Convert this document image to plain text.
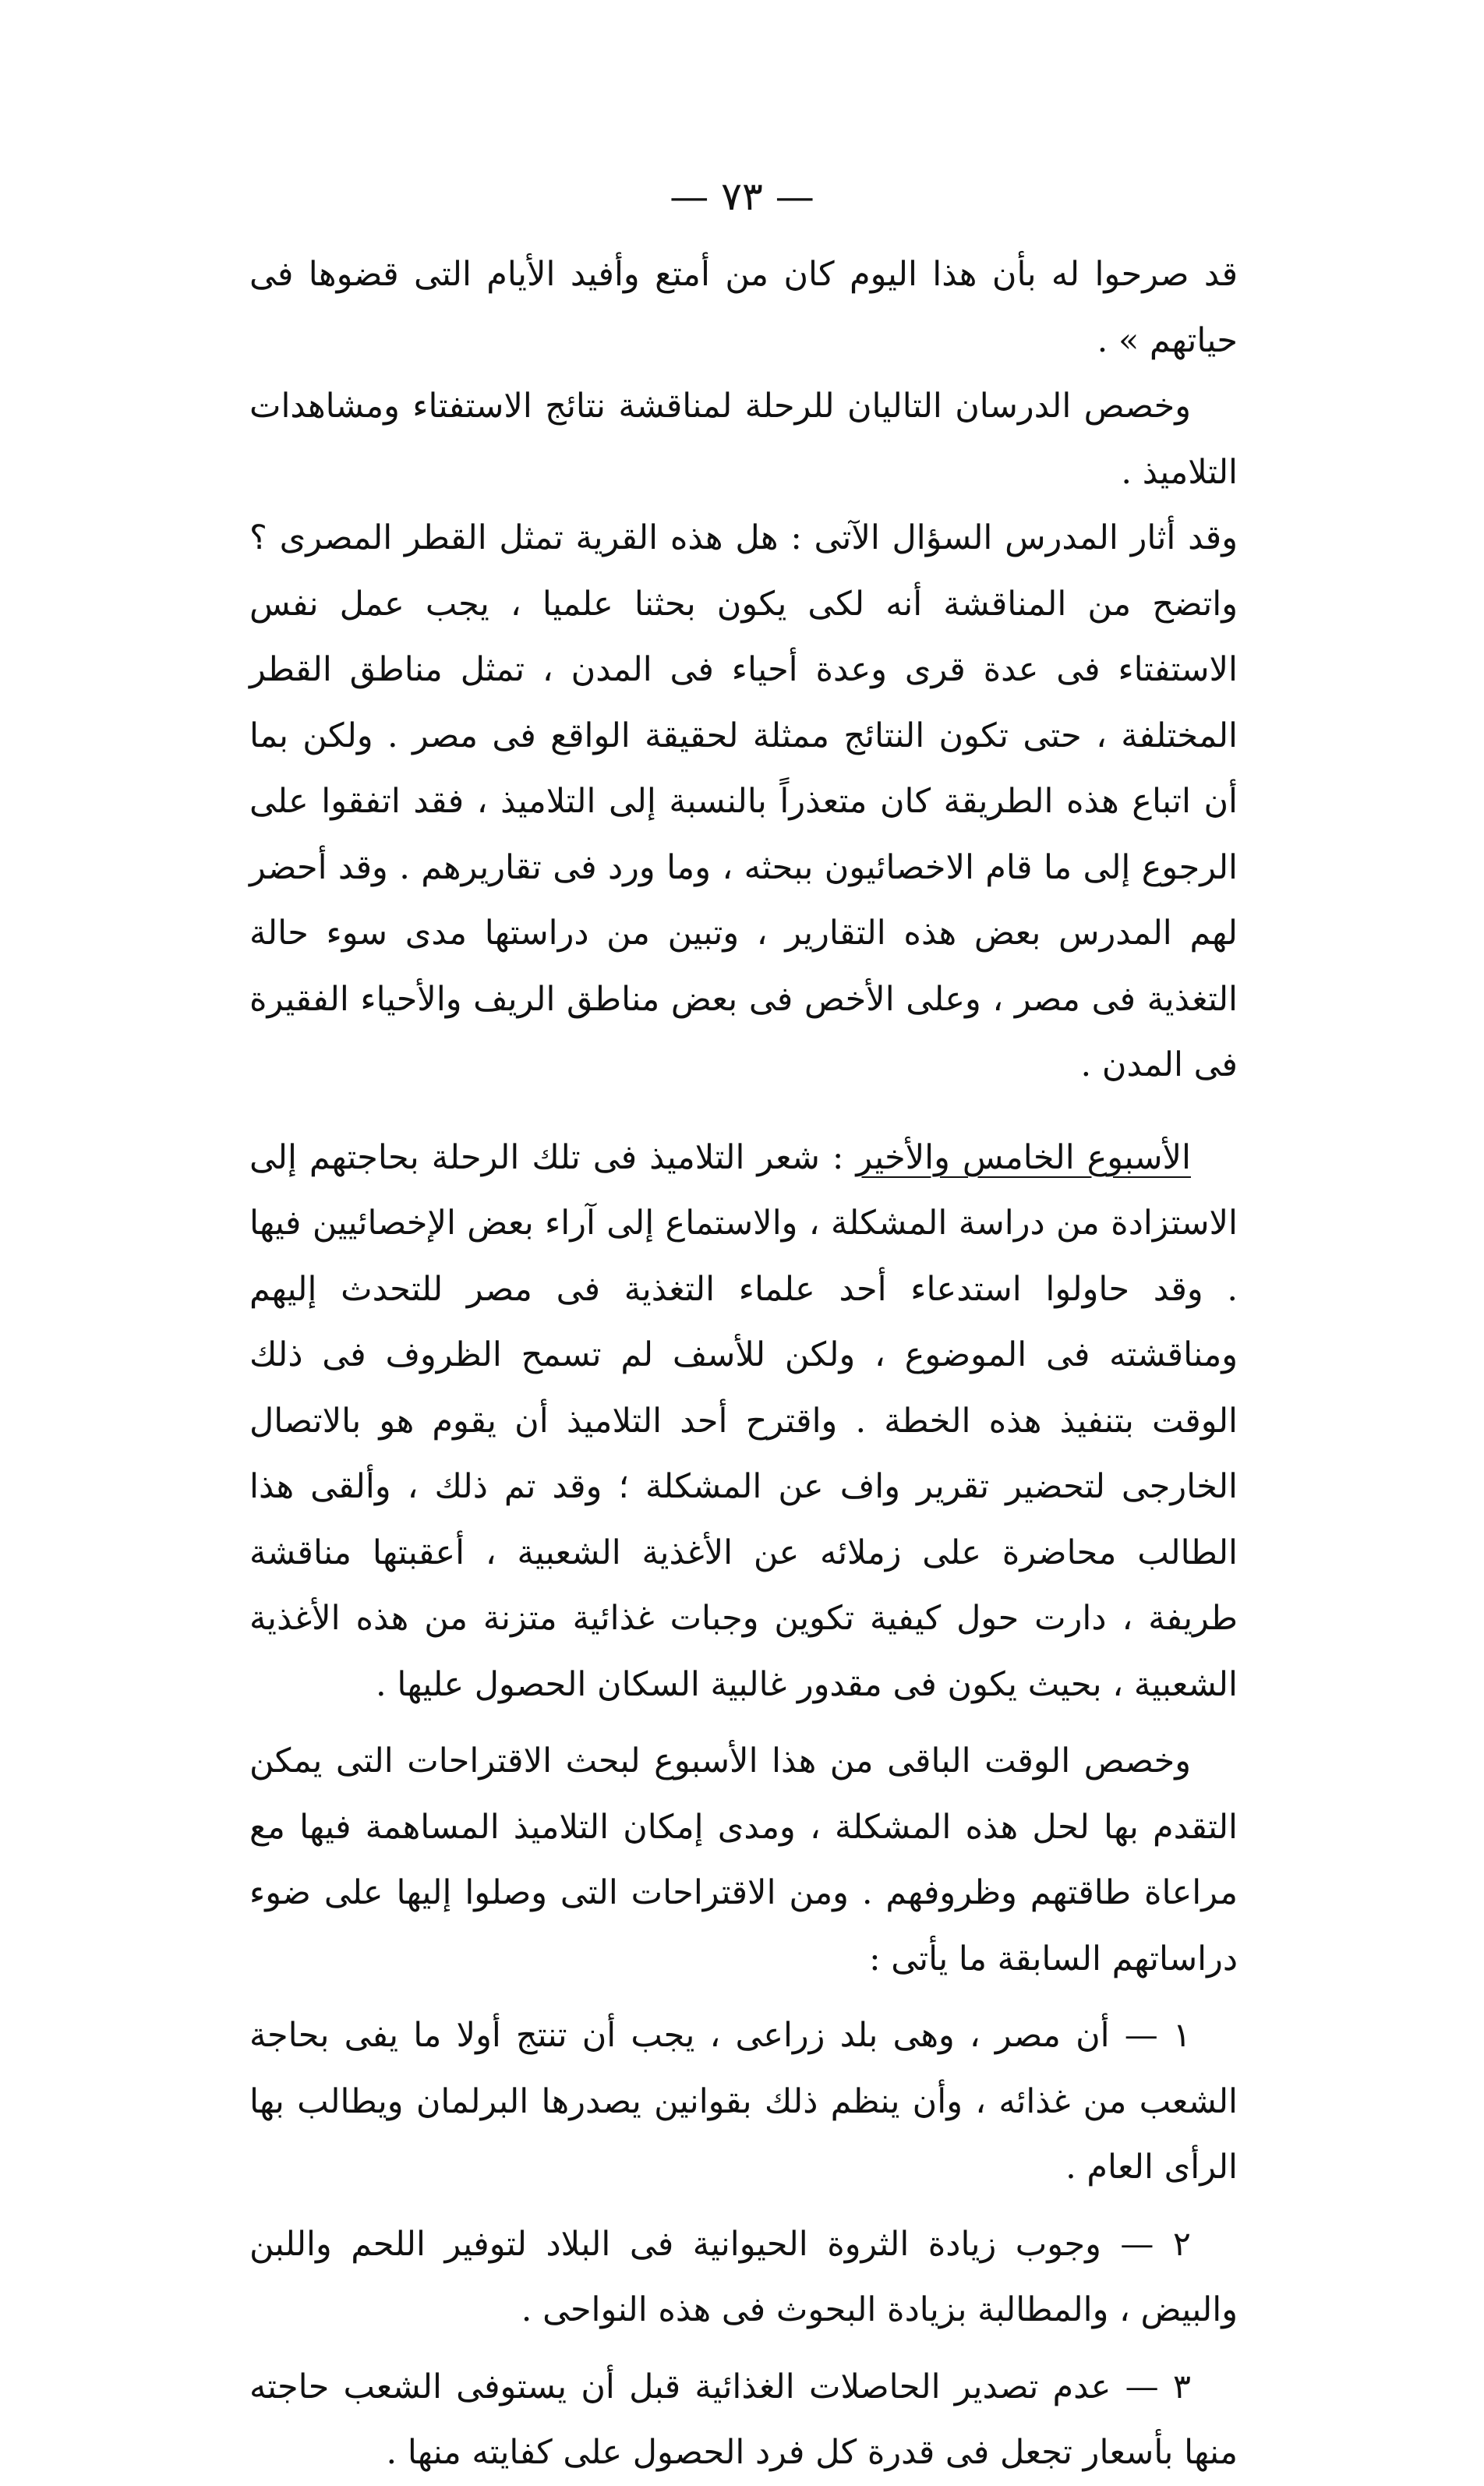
— ٧٣ —

قد صرحوا له بأن هذا اليوم كان من أمتع وأفيد الأيام التى قضوها فى حياتهم » .

وخصص الدرسان التاليان للرحلة لمناقشة نتائج الاستفتاء ومشاهدات التلاميذ .

وقد أثار المدرس السؤال الآتى : هل هذه القرية تمثل القطر المصرى ؟ واتضح من المناقشة أنه لكى يكون بحثنا علميا ، يجب عمل نفس الاستفتاء فى عدة قرى وعدة أحياء فى المدن ، تمثل مناطق القطر المختلفة ، حتى تكون النتائج ممثلة لحقيقة الواقع فى مصر . ولكن بما أن اتباع هذه الطريقة كان متعذراً بالنسبة إلى التلاميذ ، فقد اتفقوا على الرجوع إلى ما قام الاخصائيون ببحثه ، وما ورد فى تقاريرهم . وقد أحضر لهم المدرس بعض هذه التقارير ، وتبين من دراستها مدى سوء حالة التغذية فى مصر ، وعلى الأخص فى بعض مناطق الريف والأحياء الفقيرة فى المدن .

الأسبوع الخامس والأخير : شعر التلاميذ فى تلك الرحلة بحاجتهم إلى الاستزادة من دراسة المشكلة ، والاستماع إلى آراء بعض الإخصائيين فيها . وقد حاولوا استدعاء أحد علماء التغذية فى مصر للتحدث إليهم ومناقشته فى الموضوع ، ولكن للأسف لم تسمح الظروف فى ذلك الوقت بتنفيذ هذه الخطة . واقترح أحد التلاميذ أن يقوم هو بالاتصال الخارجى لتحضير تقرير واف عن المشكلة ؛ وقد تم ذلك ، وألقى هذا الطالب محاضرة على زملائه عن الأغذية الشعبية ، أعقبتها مناقشة طريفة ، دارت حول كيفية تكوين وجبات غذائية متزنة من هذه الأغذية الشعبية ، بحيث يكون فى مقدور غالبية السكان الحصول عليها .

وخصص الوقت الباقى من هذا الأسبوع لبحث الاقتراحات التى يمكن التقدم بها لحل هذه المشكلة ، ومدى إمكان التلاميذ المساهمة فيها مع مراعاة طاقتهم وظروفهم . ومن الاقتراحات التى وصلوا إليها على ضوء دراساتهم السابقة ما يأتى :

١ — أن مصر ، وهى بلد زراعى ، يجب أن تنتج أولا ما يفى بحاجة الشعب من غذائه ، وأن ينظم ذلك بقوانين يصدرها البرلمان ويطالب بها الرأى العام .

٢ — وجوب زيادة الثروة الحيوانية فى البلاد لتوفير اللحم واللبن والبيض ، والمطالبة بزيادة البحوث فى هذه النواحى .

٣ — عدم تصدير الحاصلات الغذائية قبل أن يستوفى الشعب حاجته منها بأسعار تجعل فى قدرة كل فرد الحصول على كفايته منها .
